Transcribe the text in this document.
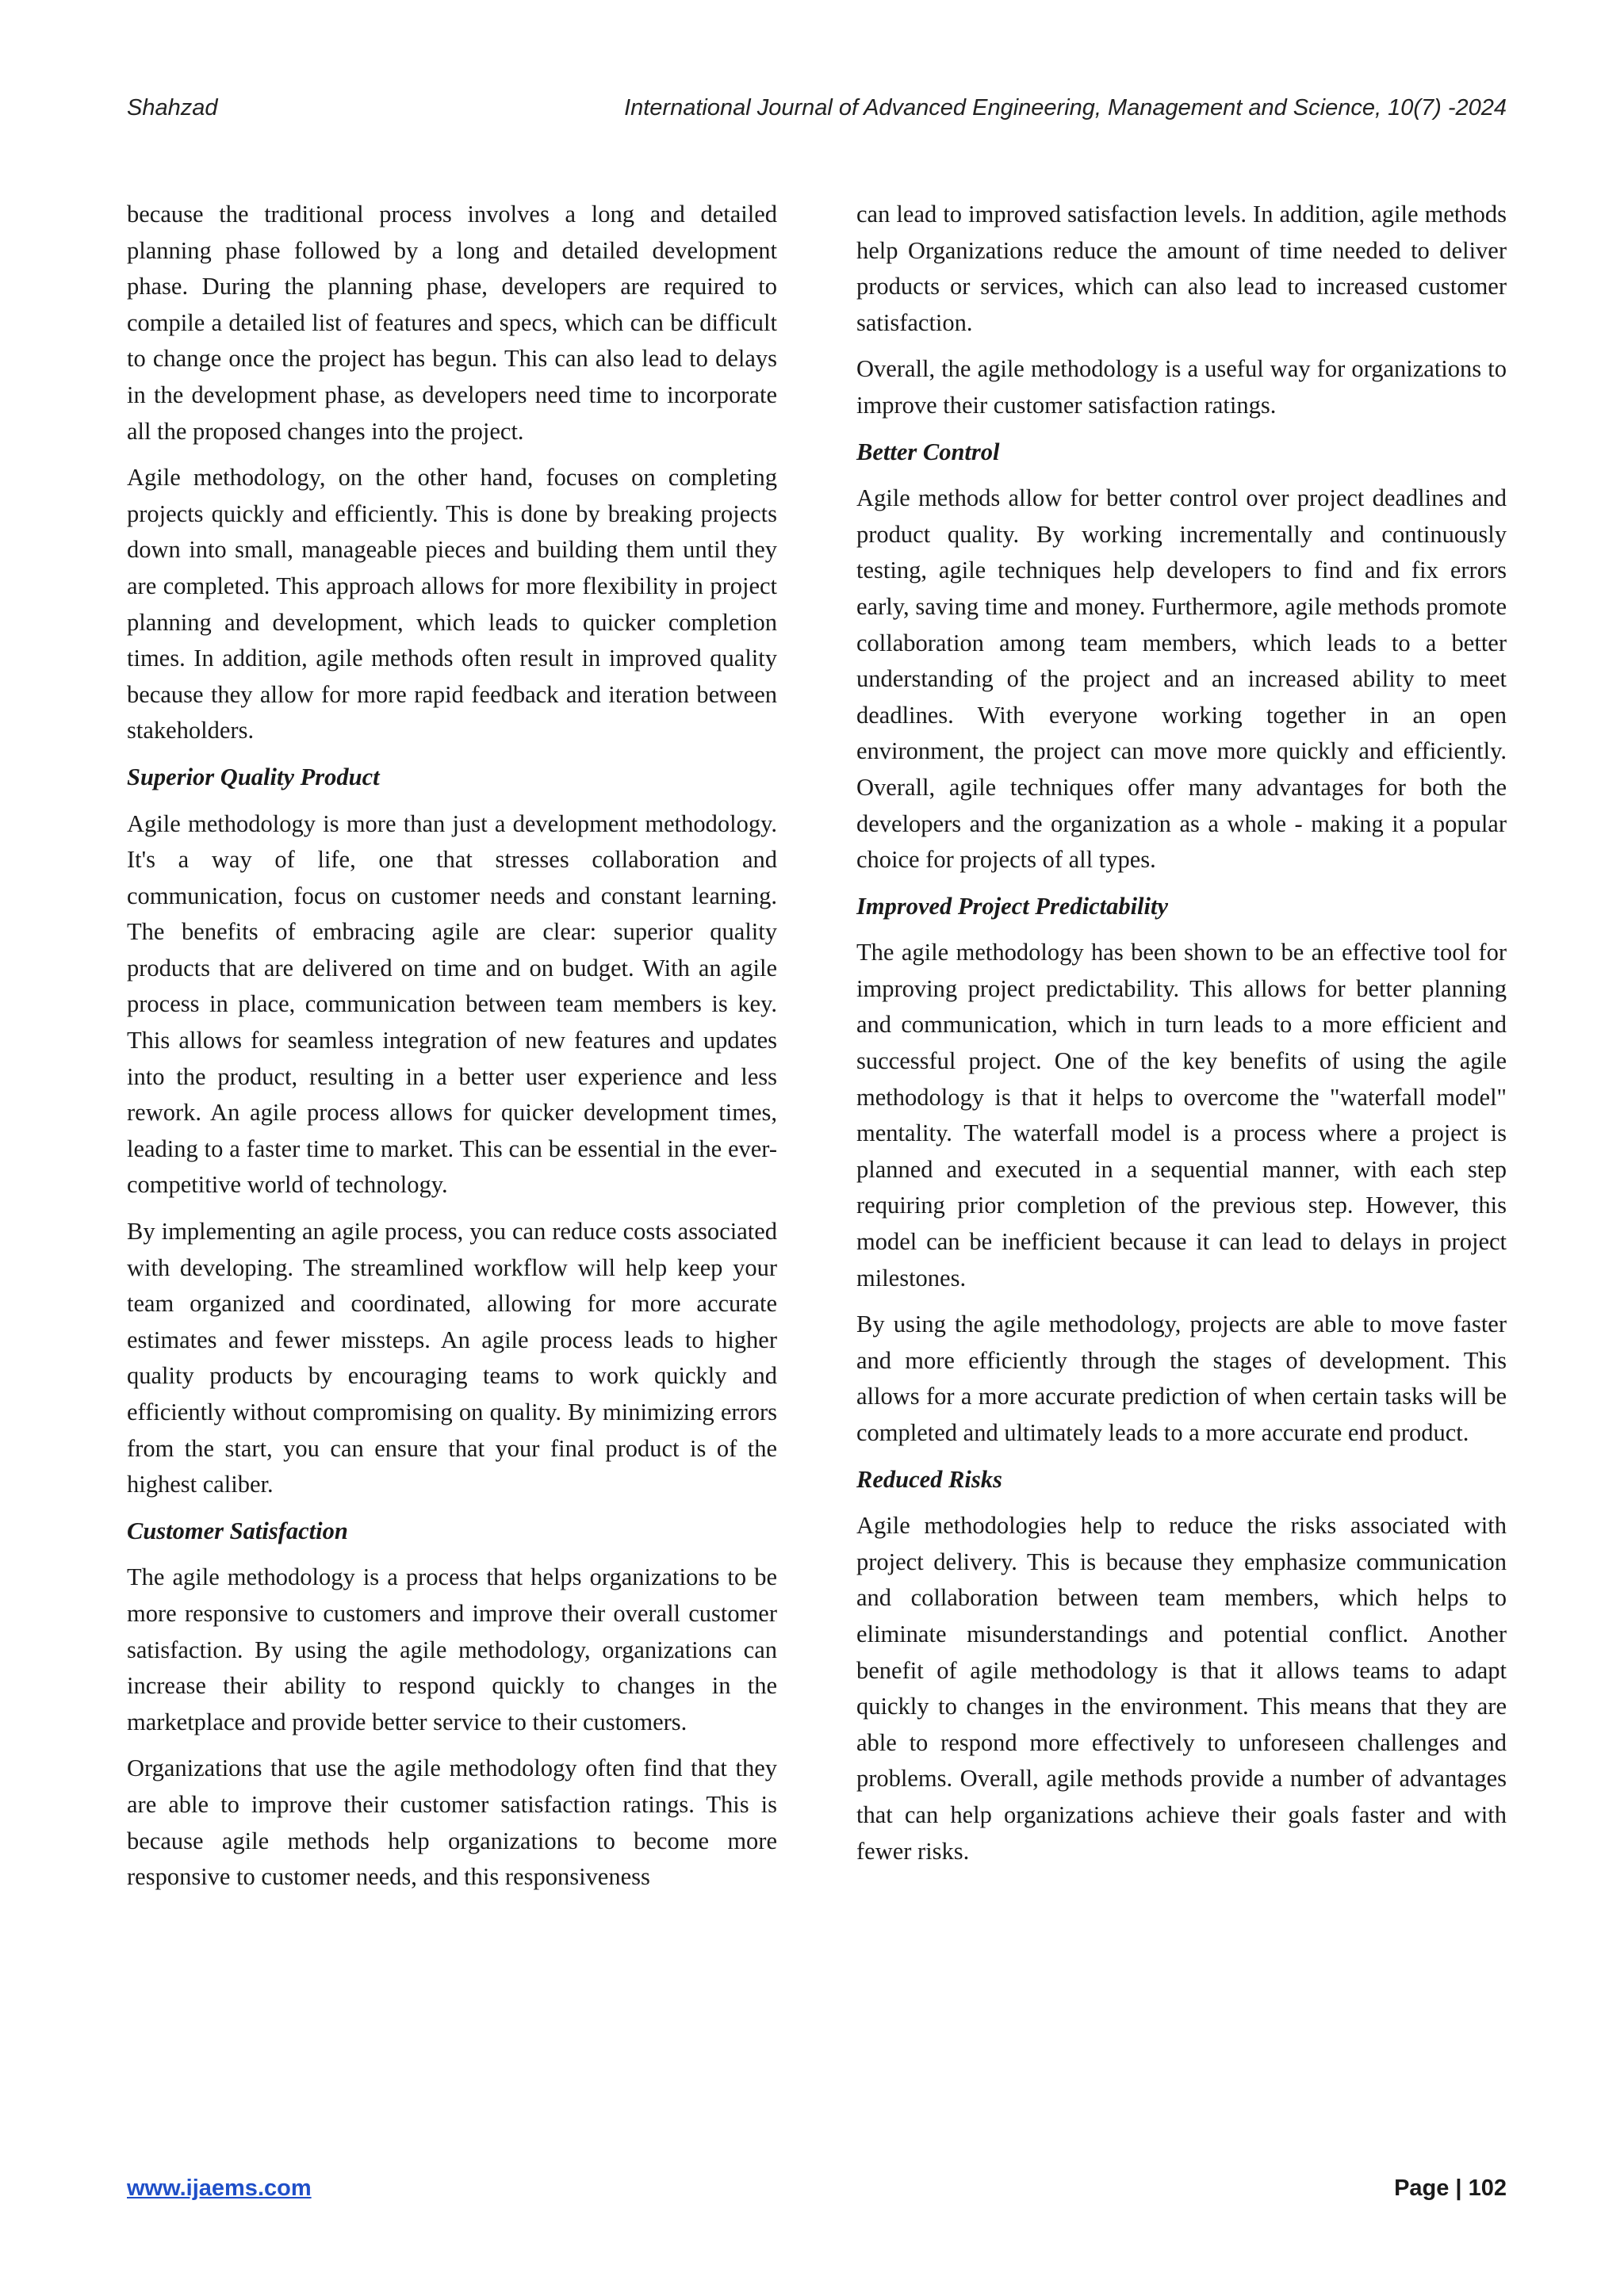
Shahzad	International Journal of Advanced Engineering, Management and Science, 10(7) -2024

because the traditional process involves a long and detailed planning phase followed by a long and detailed development phase. During the planning phase, developers are required to compile a detailed list of features and specs, which can be difficult to change once the project has begun. This can also lead to delays in the development phase, as developers need time to incorporate all the proposed changes into the project.

Agile methodology, on the other hand, focuses on completing projects quickly and efficiently. This is done by breaking projects down into small, manageable pieces and building them until they are completed. This approach allows for more flexibility in project planning and development, which leads to quicker completion times. In addition, agile methods often result in improved quality because they allow for more rapid feedback and iteration between stakeholders.

Superior Quality Product

Agile methodology is more than just a development methodology. It's a way of life, one that stresses collaboration and communication, focus on customer needs and constant learning. The benefits of embracing agile are clear: superior quality products that are delivered on time and on budget. With an agile process in place, communication between team members is key. This allows for seamless integration of new features and updates into the product, resulting in a better user experience and less rework. An agile process allows for quicker development times, leading to a faster time to market. This can be essential in the ever-competitive world of technology.

By implementing an agile process, you can reduce costs associated with developing. The streamlined workflow will help keep your team organized and coordinated, allowing for more accurate estimates and fewer missteps. An agile process leads to higher quality products by encouraging teams to work quickly and efficiently without compromising on quality. By minimizing errors from the start, you can ensure that your final product is of the highest caliber.

Customer Satisfaction

The agile methodology is a process that helps organizations to be more responsive to customers and improve their overall customer satisfaction. By using the agile methodology, organizations can increase their ability to respond quickly to changes in the marketplace and provide better service to their customers.

Organizations that use the agile methodology often find that they are able to improve their customer satisfaction ratings. This is because agile methods help organizations to become more responsive to customer needs, and this responsiveness

can lead to improved satisfaction levels. In addition, agile methods help Organizations reduce the amount of time needed to deliver products or services, which can also lead to increased customer satisfaction.

Overall, the agile methodology is a useful way for organizations to improve their customer satisfaction ratings.

Better Control

Agile methods allow for better control over project deadlines and product quality. By working incrementally and continuously testing, agile techniques help developers to find and fix errors early, saving time and money. Furthermore, agile methods promote collaboration among team members, which leads to a better understanding of the project and an increased ability to meet deadlines. With everyone working together in an open environment, the project can move more quickly and efficiently. Overall, agile techniques offer many advantages for both the developers and the organization as a whole - making it a popular choice for projects of all types.

Improved Project Predictability

The agile methodology has been shown to be an effective tool for improving project predictability. This allows for better planning and communication, which in turn leads to a more efficient and successful project. One of the key benefits of using the agile methodology is that it helps to overcome the "waterfall model" mentality. The waterfall model is a process where a project is planned and executed in a sequential manner, with each step requiring prior completion of the previous step. However, this model can be inefficient because it can lead to delays in project milestones.

By using the agile methodology, projects are able to move faster and more efficiently through the stages of development. This allows for a more accurate prediction of when certain tasks will be completed and ultimately leads to a more accurate end product.

Reduced Risks

Agile methodologies help to reduce the risks associated with project delivery. This is because they emphasize communication and collaboration between team members, which helps to eliminate misunderstandings and potential conflict. Another benefit of agile methodology is that it allows teams to adapt quickly to changes in the environment. This means that they are able to respond more effectively to unforeseen challenges and problems. Overall, agile methods provide a number of advantages that can help organizations achieve their goals faster and with fewer risks.

www.ijaems.com	Page | 102
